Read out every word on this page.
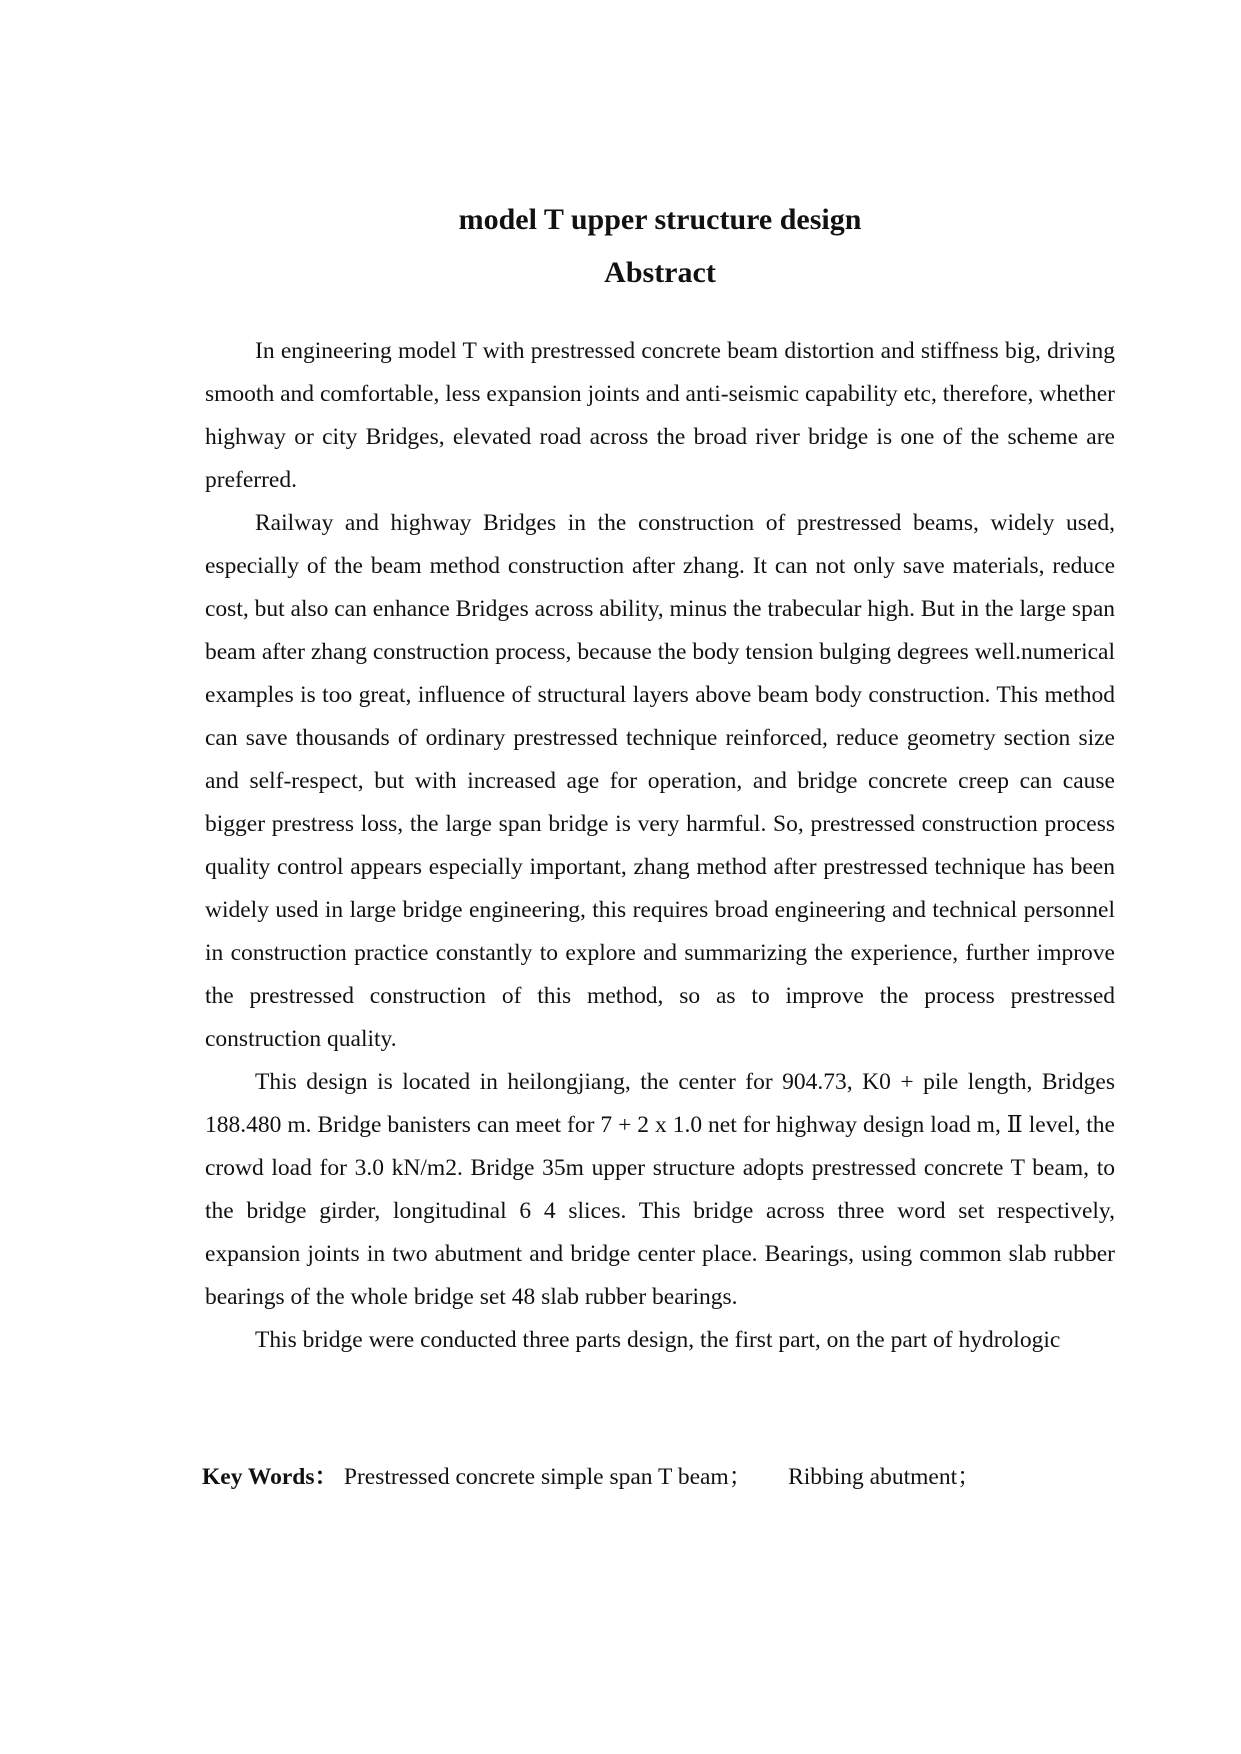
model T upper structure design
Abstract

In engineering model T with prestressed concrete beam distortion and stiffness big, driving smooth and comfortable, less expansion joints and anti-seismic capability etc, therefore, whether highway or city Bridges, elevated road across the broad river bridge is one of the scheme are preferred.

Railway and highway Bridges in the construction of prestressed beams, widely used, especially of the beam method construction after zhang. It can not only save materials, reduce cost, but also can enhance Bridges across ability, minus the trabecular high. But in the large span beam after zhang construction process, because the body tension bulging degrees well.numerical examples is too great, influence of structural layers above beam body construction. This method can save thousands of ordinary prestressed technique reinforced, reduce geometry section size and self-respect, but with increased age for operation, and bridge concrete creep can cause bigger prestress loss, the large span bridge is very harmful. So, prestressed construction process quality control appears especially important, zhang method after prestressed technique has been widely used in large bridge engineering, this requires broad engineering and technical personnel in construction practice constantly to explore and summarizing the experience, further improve the prestressed construction of this method, so as to improve the process prestressed construction quality.

This design is located in heilongjiang, the center for 904.73, K0 + pile length, Bridges 188.480 m. Bridge banisters can meet for 7 + 2 x 1.0 net for highway design load m, Ⅱ level, the crowd load for 3.0 kN/m2. Bridge 35m upper structure adopts prestressed concrete T beam, to the bridge girder, longitudinal 6 4 slices. This bridge across three word set respectively, expansion joints in two abutment and bridge center place. Bearings, using common slab rubber bearings of the whole bridge set 48 slab rubber bearings.

This bridge were conducted three parts design, the first part, on the part of hydrologic

Key Words： Prestressed concrete simple span T beam； Ribbing abutment；
